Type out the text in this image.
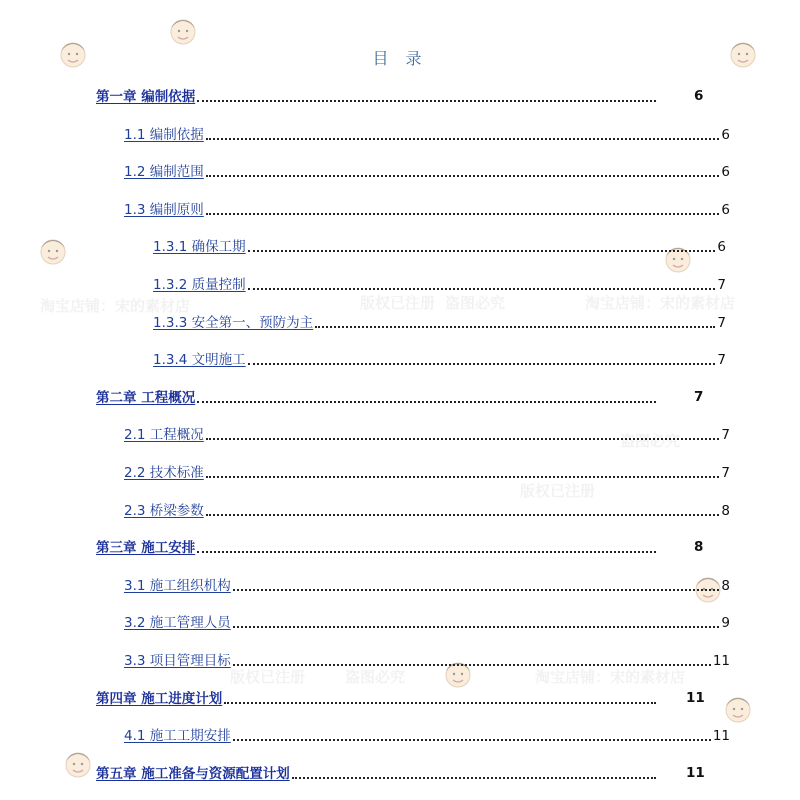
版权已注册 盗图必究	淘宝店铺：宋的素材店
淘宝店铺：宋的素材店
版权已注册	盗图必究	淘宝店铺：宋的素材店
版权已注册
盗图必究
目 录
第一章 编制依据	6
1.1 编制依据	6
1.2 编制范围	6
1.3 编制原则	6
1.3.1 确保工期	6
1.3.2 质量控制	7
1.3.3 安全第一、预防为主	7
1.3.4 文明施工	7
第二章 工程概况	7
2.1 工程概况	7
2.2 技术标准	7
2.3 桥梁参数	8
第三章 施工安排	8
3.1 施工组织机构	8
3.2 施工管理人员	9
3.3 项目管理目标	11
第四章 施工进度计划	11
4.1 施工工期安排	11
第五章 施工准备与资源配置计划	11
